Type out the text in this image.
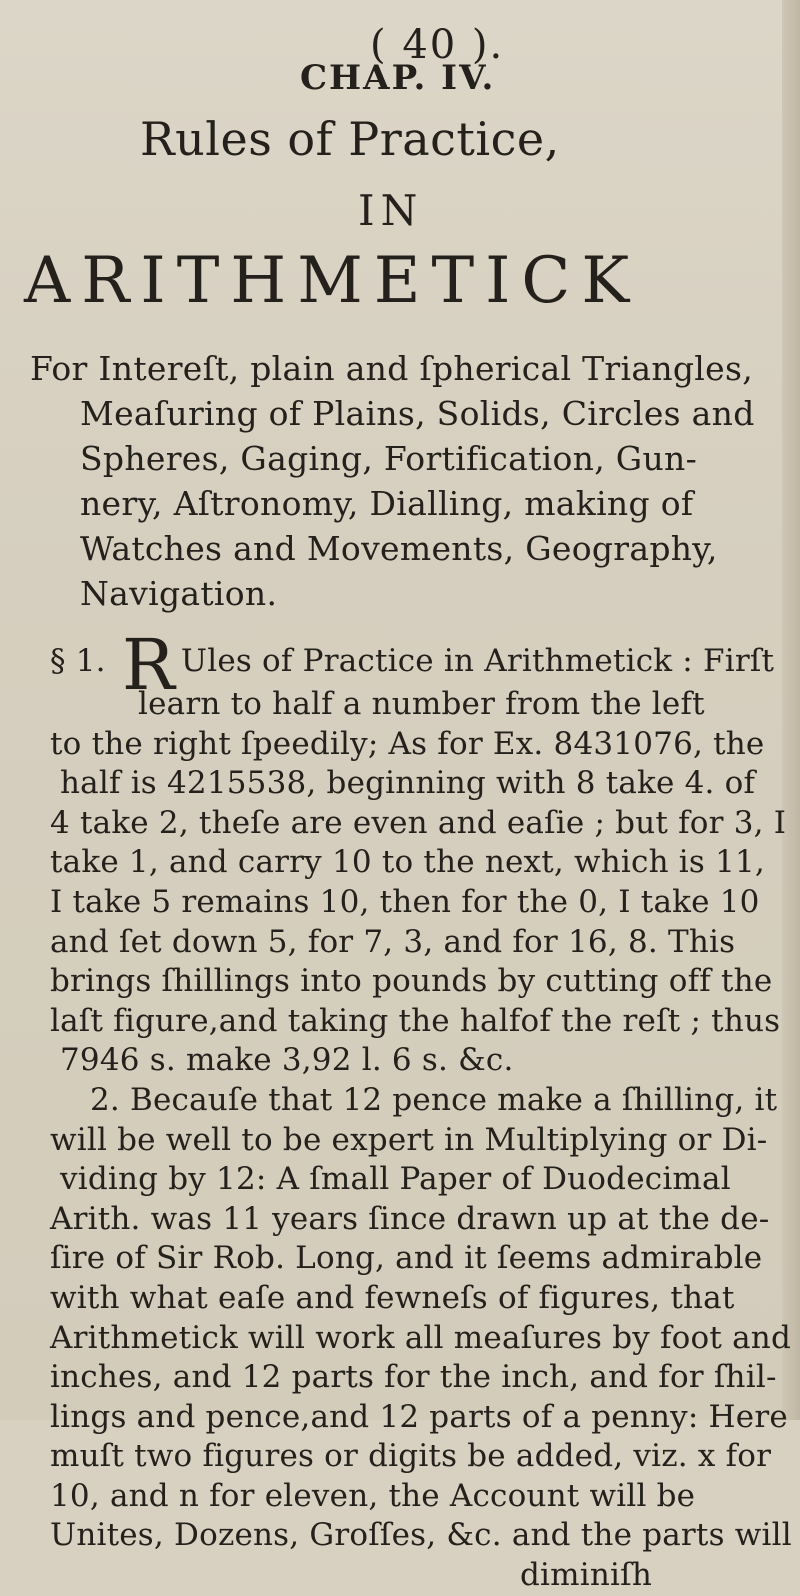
( 40 ).
CHAP. IV.
Rules of Practice,
IN
ARITHMETICK
For Intereſt, plain and ſpherical Triangles,
Meaſuring of Plains, Solids, Circles and
Spheres, Gaging, Fortification, Gun-
nery, Aſtronomy, Dialling, making of
Watches and Movements, Geography,
Navigation.
§ 1. R Ules of Practice in Arithmetick : Firſt
learn to half a number from the left
to the right ſpeedily; As for Ex. 8431076, the
half is 4215538, beginning with 8 take 4. of
4 take 2, theſe are even and eaſie ; but for 3, I
take 1, and carry 10 to the next, which is 11,
I take 5 remains 10, then for the 0, I take 10
and ſet down 5, for 7, 3, and for 16, 8. This
brings ſhillings into pounds by cutting off the
laſt figure,and taking the halfof the reſt ; thus
7946 s. make 3,92 l. 6 s. &c.
2. Becauſe that 12 pence make a ſhilling, it
will be well to be expert in Multiplying or Di-
viding by 12: A ſmall Paper of Duodecimal
Arith. was 11 years ſince drawn up at the de-
ſire of Sir Rob. Long, and it ſeems admirable
with what eaſe and fewneſs of figures, that
Arithmetick will work all meaſures by foot and
inches, and 12 parts for the inch, and for ſhil-
lings and pence,and 12 parts of a penny: Here
muſt two figures or digits be added, viz. x for
10, and n for eleven, the Account will be
Unites, Dozens, Groſſes, &c. and the parts will
diminiſh
